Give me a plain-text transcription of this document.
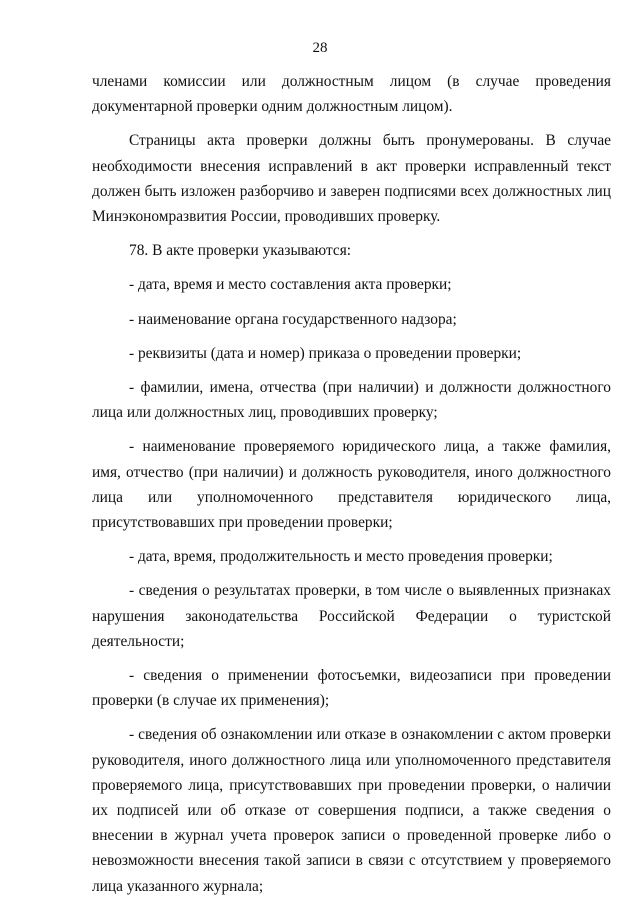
28

членами комиссии или должностным лицом (в случае проведения документарной проверки одним должностным лицом).

Страницы акта проверки должны быть пронумерованы. В случае необходимости внесения исправлений в акт проверки исправленный текст должен быть изложен разборчиво и заверен подписями всех должностных лиц Минэкономразвития России, проводивших проверку.

78. В акте проверки указываются:

- дата, время и место составления акта проверки;

- наименование органа государственного надзора;

- реквизиты (дата и номер) приказа о проведении проверки;

- фамилии, имена, отчества (при наличии) и должности должностного лица или должностных лиц, проводивших проверку;

- наименование проверяемого юридического лица, а также фамилия, имя, отчество (при наличии) и должность руководителя, иного должностного лица или уполномоченного представителя юридического лица, присутствовавших при проведении проверки;

- дата, время, продолжительность и место проведения проверки;

- сведения о результатах проверки, в том числе о выявленных признаках нарушения законодательства Российской Федерации о туристской деятельности;

- сведения о применении фотосъемки, видеозаписи при проведении проверки (в случае их применения);

- сведения об ознакомлении или отказе в ознакомлении с актом проверки руководителя, иного должностного лица или уполномоченного представителя проверяемого лица, присутствовавших при проведении проверки, о наличии их подписей или об отказе от совершения подписи, а также сведения о внесении в журнал учета проверок записи о проведенной проверке либо о невозможности внесения такой записи в связи с отсутствием у проверяемого лица указанного журнала;
